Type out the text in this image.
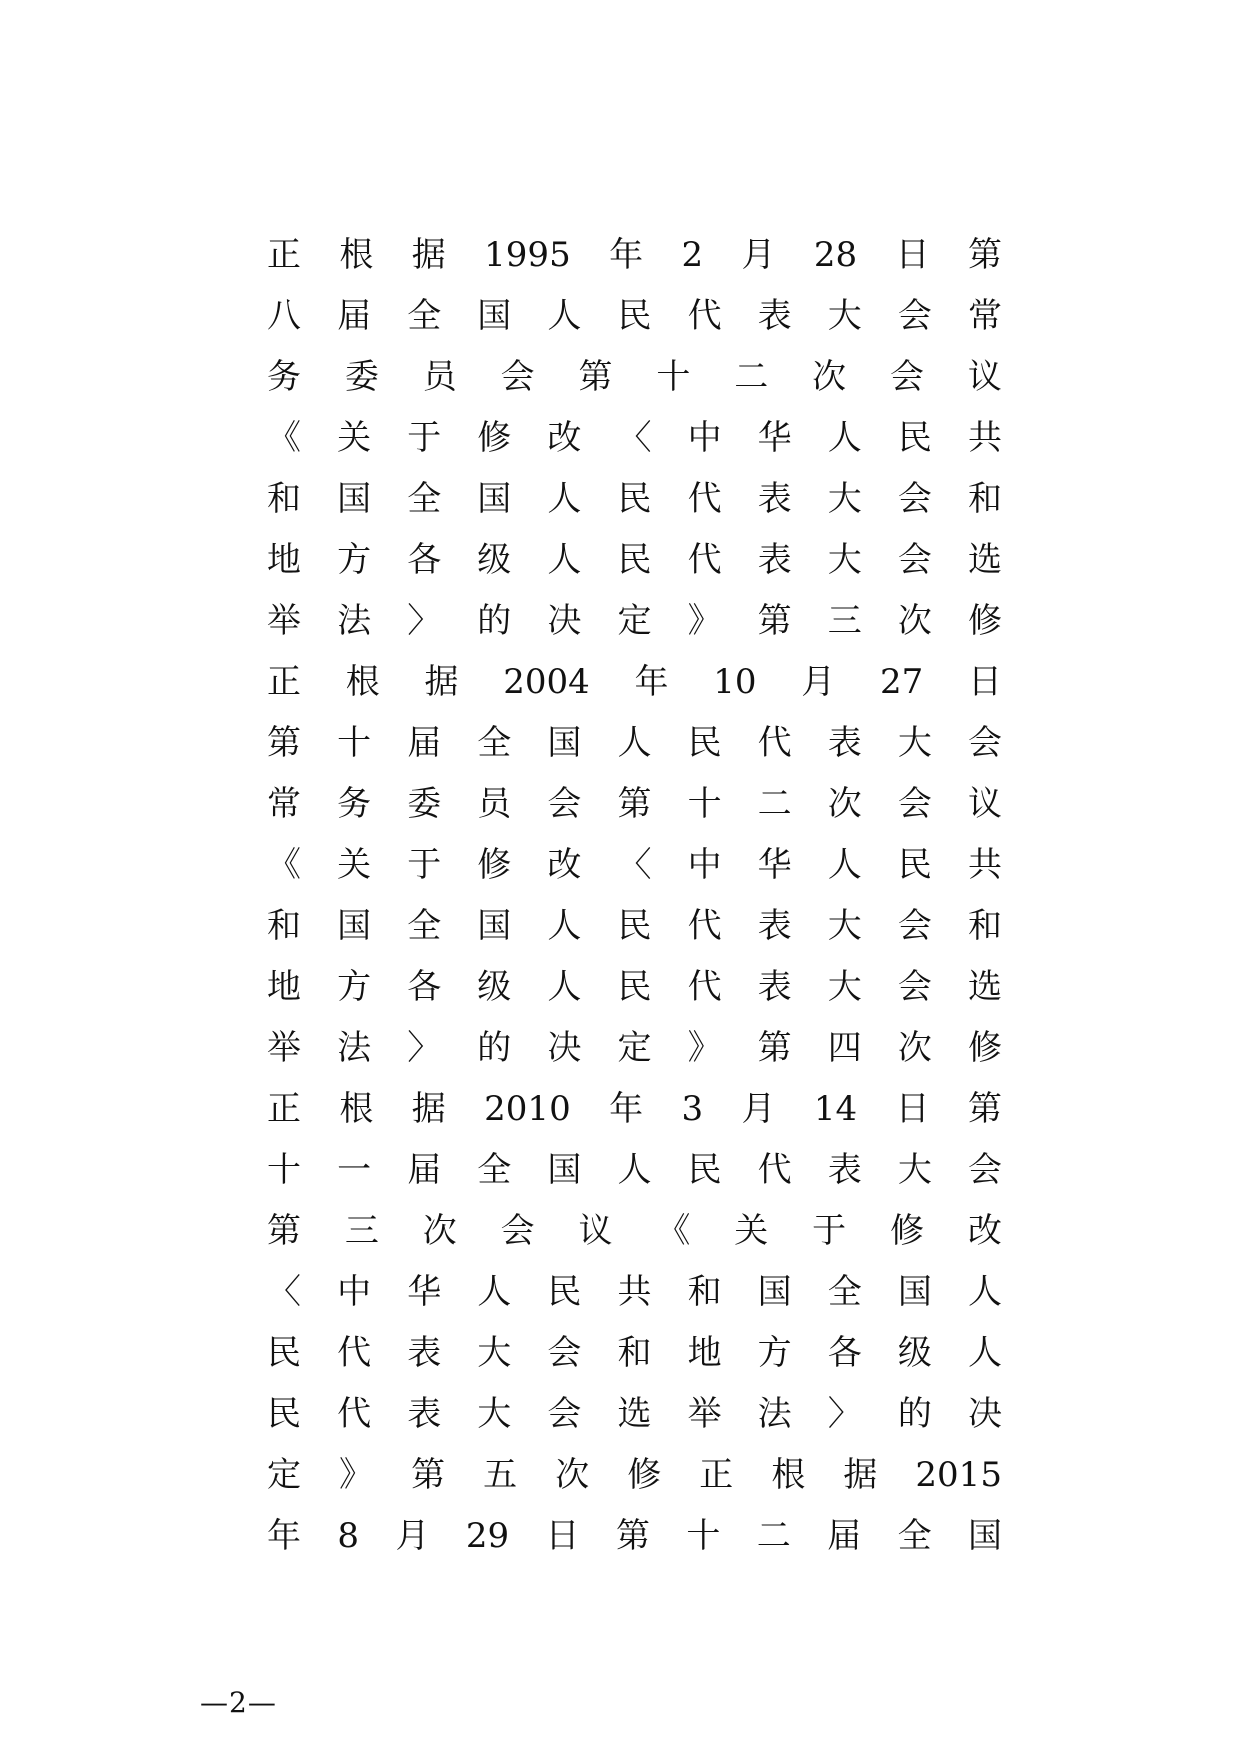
正 根 据 1995 年 2 月 28 日 第
八 届 全 国 人 民 代 表 大 会 常
务 委 员 会 第 十 二 次 会 议
《 关 于 修 改 〈 中 华 人 民 共
和 国 全 国 人 民 代 表 大 会 和
地 方 各 级 人 民 代 表 大 会 选
举 法 〉 的 决 定 》 第 三 次 修
正 根 据 2004 年 10 月 27 日
第 十 届 全 国 人 民 代 表 大 会
常 务 委 员 会 第 十 二 次 会 议
《 关 于 修 改 〈 中 华 人 民 共
和 国 全 国 人 民 代 表 大 会 和
地 方 各 级 人 民 代 表 大 会 选
举 法 〉 的 决 定 》 第 四 次 修
正 根 据 2010 年 3 月 14 日 第
十 一 届 全 国 人 民 代 表 大 会
第 三 次 会 议 《 关 于 修 改
〈 中 华 人 民 共 和 国 全 国 人
民 代 表 大 会 和 地 方 各 级 人
民 代 表 大 会 选 举 法 〉 的 决
定 》 第 五 次 修 正 根 据 2015
年 8 月 29 日 第 十 二 届 全 国
—2—
